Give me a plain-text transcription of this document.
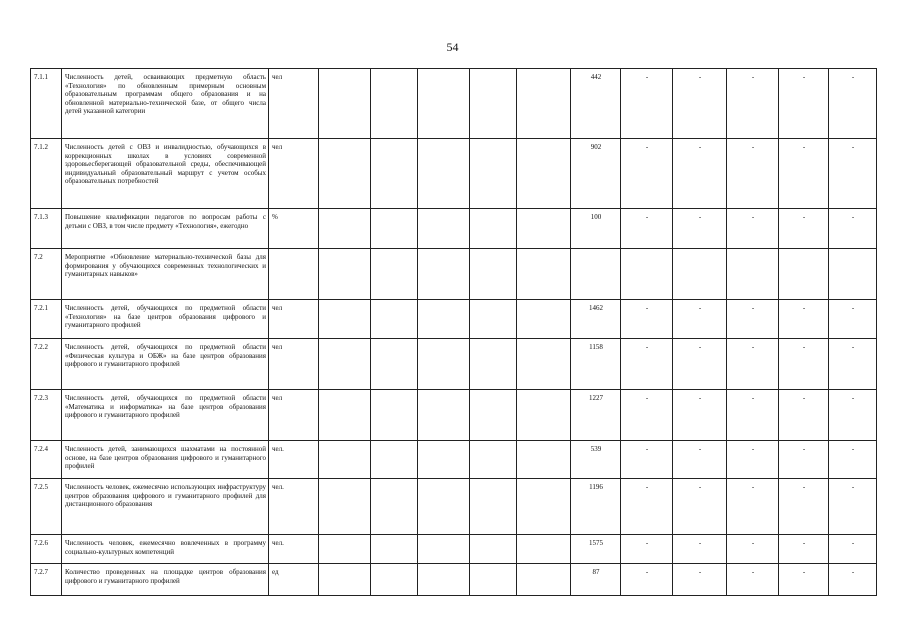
54
7.1.1	Численность детей, осваивающих предметную область «Технология» по обновленным примерным основным образовательным программам общего образования и на обновленной материально-технической базе, от общего числа детей указанной категории	чел						442	-	-	-	-	-
7.1.2	Численность детей с ОВЗ и инвалидностью, обучающихся в коррекционных школах в условиях современной здоровьесберегающей образовательной среды, обеспечивающей индивидуальный образовательный маршрут с учетом особых образовательных потребностей	чел						902	-	-	-	-	-
7.1.3	Повышение квалификации педагогов по вопросам работы с детьми с ОВЗ, в том числе предмету «Технология», ежегодно	%						100	-	-	-	-	-
7.2	Мероприятие «Обновление материально-технической базы для формирования у обучающихся современных технологических и гуманитарных навыков»												
7.2.1	Численность детей, обучающихся по предметной области «Технология» на базе центров образования цифрового и гуманитарного профилей	чел						1462	-	-	-	-	-
7.2.2	Численность детей, обучающихся по предметной области «Физическая культура и ОБЖ» на базе центров образования цифрового и гуманитарного профилей	чел						1158	-	-	-	-	-
7.2.3	Численность детей, обучающихся по предметной области «Математика и информатика» на базе центров образования цифрового и гуманитарного профилей	чел						1227	-	-	-	-	-
7.2.4	Численность детей, занимающихся шахматами на постоянной основе, на базе центров образования цифрового и гуманитарного профилей	чел.						539	-	-	-	-	-
7.2.5	Численность человек, ежемесячно использующих инфраструктуру центров образования цифрового и гуманитарного профилей для дистанционного образования	чел.						1196	-	-	-	-	-
7.2.6	Численность человек, ежемесячно вовлеченных в программу социально-культурных компетенций	чел.						1575	-	-	-	-	-
7.2.7	Количество проведенных на площадке центров образования цифрового и гуманитарного профилей	ед						87	-	-	-	-	-
